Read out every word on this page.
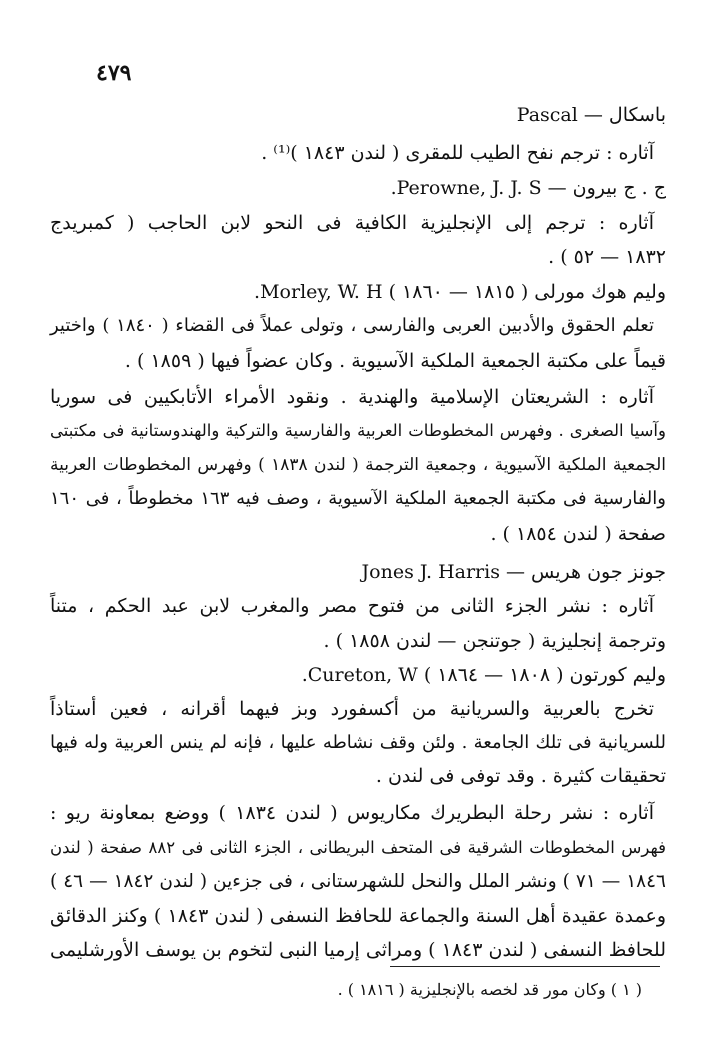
٤٧٩
باسكال — Pascal
آثاره : ترجم نفح الطيب للمقرى ( لندن ١٨٤٣ )⁽¹⁾ .
ج . ج بيرون — Perowne, J. J. S.
آثاره : ترجم إلى الإنجليزية الكافية فى النحو لابن الحاجب ( كمبريدج
١٨٣٢ — ٥٢ ) .
وليم هوك مورلى ( ١٨١٥ — ١٨٦٠ ) Morley, W. H.
تعلم الحقوق والأدبين العربى والفارسى ، وتولى عملاً فى القضاء ( ١٨٤٠ ) واختير
قيماً على مكتبة الجمعية الملكية الآسيوية . وكان عضواً فيها ( ١٨٥٩ ) .
آثاره : الشريعتان الإسلامية والهندية . ونقود الأمراء الأتابكيين فى سوريا
وآسيا الصغرى . وفهرس المخطوطات العربية والفارسية والتركية والهندوستانية فى مكتبتى
الجمعية الملكية الآسيوية ، وجمعية الترجمة ( لندن ١٨٣٨ ) وفهرس المخطوطات العربية
والفارسية فى مكتبة الجمعية الملكية الآسيوية ، وصف فيه ١٦٣ مخطوطاً ، فى ١٦٠
صفحة ( لندن ١٨٥٤ ) .
جونز جون هريس — Jones J. Harris
آثاره : نشر الجزء الثانى من فتوح مصر والمغرب لابن عبد الحكم ، متناً
وترجمة إنجليزية ( جوتنجن — لندن ١٨٥٨ ) .
وليم كورتون ( ١٨٠٨ — ١٨٦٤ ) Cureton, W.
تخرج بالعربية والسريانية من أكسفورد وبز فيهما أقرانه ، فعين أستاذاً
للسريانية فى تلك الجامعة . ولئن وقف نشاطه عليها ، فإنه لم ينس العربية وله فيها
تحقيقات كثيرة . وقد توفى فى لندن .
آثاره : نشر رحلة البطريرك مكاريوس ( لندن ١٨٣٤ ) ووضع بمعاونة ريو :
فهرس المخطوطات الشرقية فى المتحف البريطانى ، الجزء الثانى فى ٨٨٢ صفحة ( لندن
١٨٤٦ — ٧١ ) ونشر الملل والنحل للشهرستانى ، فى جزءين ( لندن ١٨٤٢ — ٤٦ )
وعمدة عقيدة أهل السنة والجماعة للحافظ النسفى ( لندن ١٨٤٣ ) وكنز الدقائق
للحافظ النسفى ( لندن ١٨٤٣ ) ومراثى إرميا النبى لتخوم بن يوسف الأورشليمى
( ١ ) وكان مور قد لخصه بالإنجليزية ( ١٨١٦ ) .
